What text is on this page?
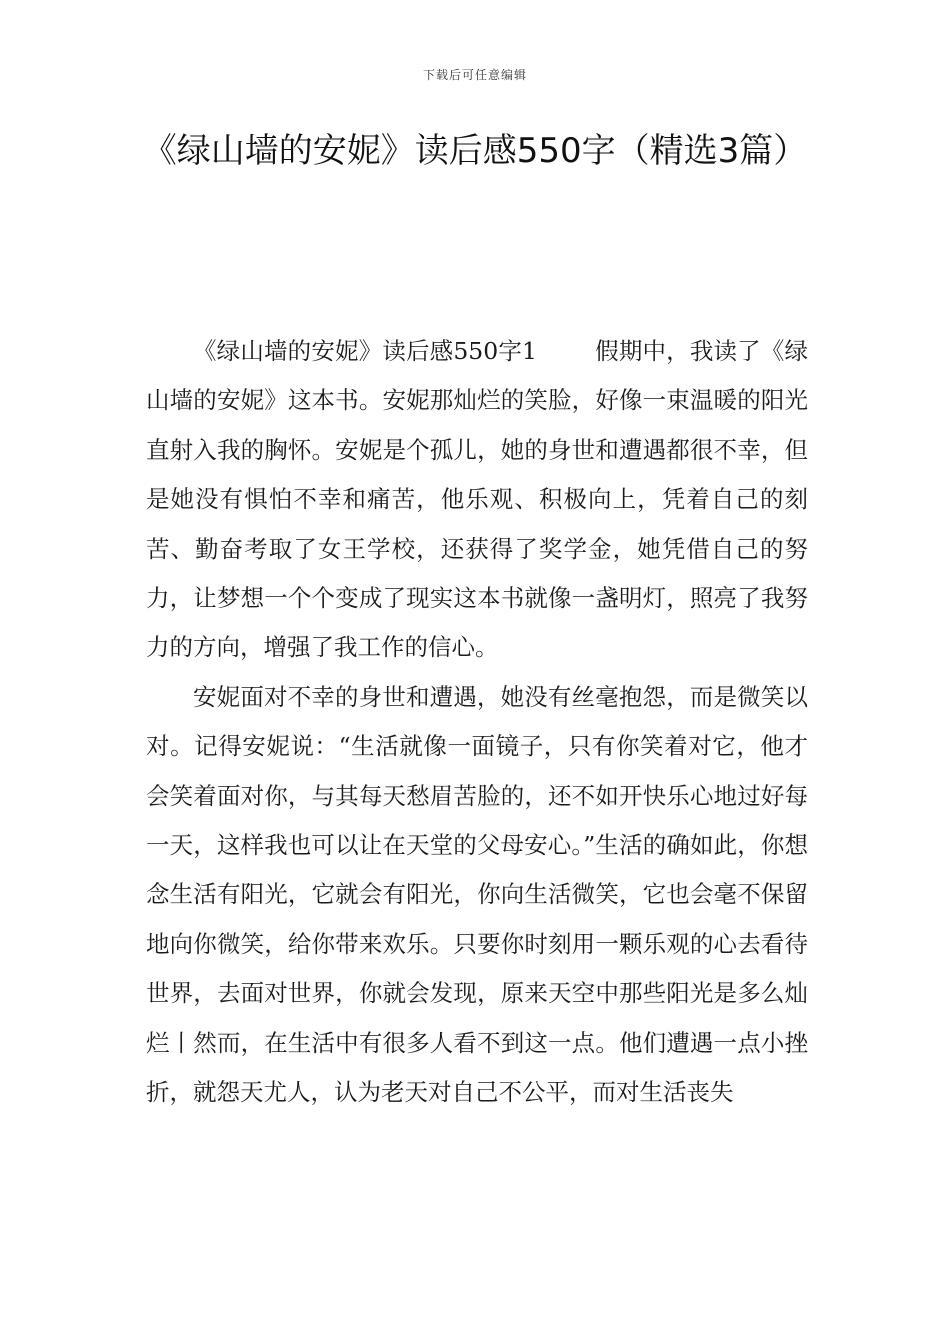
下载后可任意编辑
《绿山墙的安妮》读后感550字（精选3篇）

《绿山墙的安妮》读后感550字1 假期中，我读了《绿山墙的安妮》这本书。安妮那灿烂的笑脸，好像一束温暖的阳光直射入我的胸怀。安妮是个孤儿，她的身世和遭遇都很不幸，但是她没有惧怕不幸和痛苦，他乐观、积极向上，凭着自己的刻苦、勤奋考取了女王学校，还获得了奖学金，她凭借自己的努力，让梦想一个个变成了现实这本书就像一盏明灯，照亮了我努力的方向，增强了我工作的信心。

安妮面对不幸的身世和遭遇，她没有丝毫抱怨，而是微笑以对。记得安妮说：“生活就像一面镜子，只有你笑着对它，他才会笑着面对你，与其每天愁眉苦脸的，还不如开快乐心地过好每一天，这样我也可以让在天堂的父母安心。”生活的确如此，你想念生活有阳光，它就会有阳光，你向生活微笑，它也会毫不保留地向你微笑，给你带来欢乐。只要你时刻用一颗乐观的心去看待世界，去面对世界，你就会发现，原来天空中那些阳光是多么灿烂丨然而，在生活中有很多人看不到这一点。他们遭遇一点小挫折，就怨天尤人，认为老天对自己不公平，而对生活丧失
